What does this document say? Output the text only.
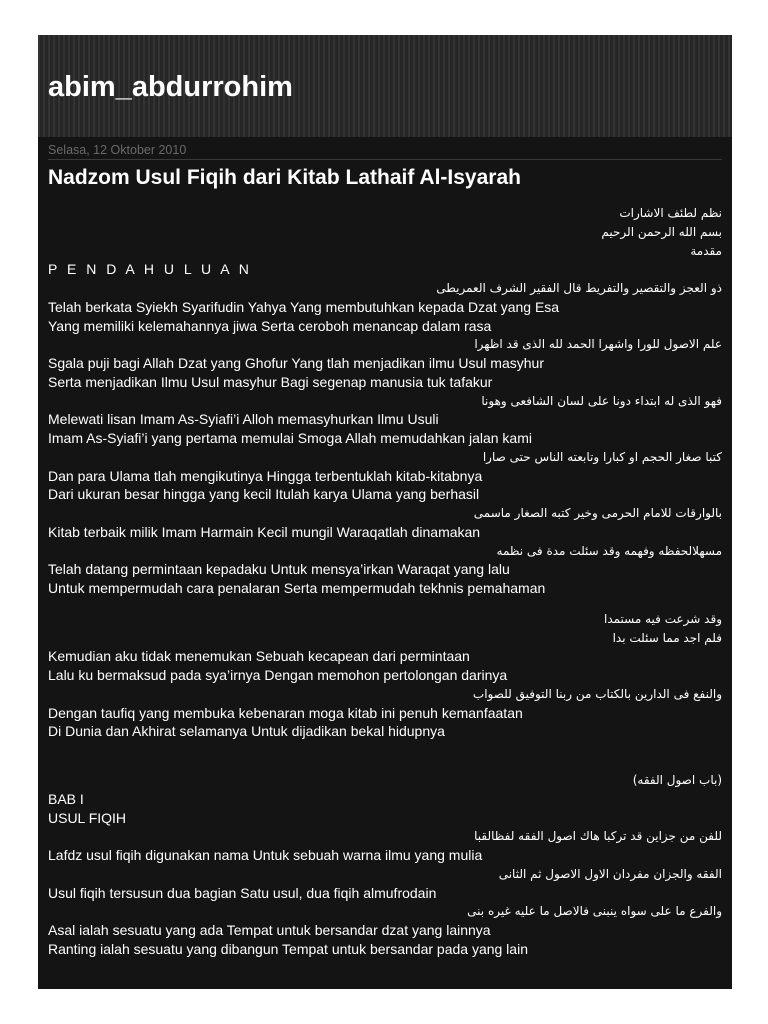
abim_abdurrohim
Selasa, 12 Oktober 2010
Nadzom Usul Fiqih dari Kitab Lathaif Al-Isyarah
نظم لطئف الاشارات
بسم الله الرحمن الرحيم
مقدمة
P E N D A H U L U A N
ذو العجز والتقصير والتفريط قال الفقير الشرف العمريطى
Telah berkata Syiekh Syarifudin Yahya Yang membutuhkan kepada Dzat yang Esa
Yang memiliki kelemahannya jiwa Serta ceroboh menancap dalam rasa
علم الاصول للورا واشهرا الحمد لله الذى قد اظهرا
Sgala puji bagi Allah Dzat yang Ghofur Yang tlah menjadikan ilmu Usul masyhur
Serta menjadikan Ilmu Usul masyhur Bagi segenap manusia tuk tafakur
فهو الذى له ابتداء دونا على لسان الشافعى وهونا
Melewati lisan Imam As-Syiafi’i Alloh memasyhurkan Ilmu Usuli
Imam As-Syiafi’i yang pertama memulai Smoga Allah memudahkan jalan kami
كتبا صغار الحجم او كبارا وتابعته الناس حتى صارا
Dan para Ulama tlah mengikutinya Hingga terbentuklah kitab-kitabnya
Dari ukuran besar hingga yang kecil Itulah karya Ulama yang berhasil
بالوارقات للامام الحرمى وخير كتبه الصغار ماسمى
Kitab terbaik milik Imam Harmain Kecil mungil Waraqatlah dinamakan
مسهلالحفظه وفهمه وقد سئلت مدة فى نظمه
Telah datang permintaan kepadaku Untuk mensya’irkan Waraqat yang lalu
Untuk mempermudah cara penalaran Serta mempermudah tekhnis pemahaman
وقد شرعت فيه مستمدا
فلم اجد مما سئلت بدا
Kemudian aku tidak menemukan Sebuah kecapean dari permintaan
Lalu ku bermaksud pada sya’irnya Dengan memohon pertolongan darinya
والنفع فى الدارين بالكتاب من ربنا التوفيق للصواب
Dengan taufiq yang membuka kebenaran moga kitab ini penuh kemanfaatan
Di Dunia dan Akhirat selamanya Untuk dijadikan bekal hidupnya
(باب اصول الفقه)
BAB I
USUL FIQIH
للفن من جزاين قد تركبا هاك اصول الفقه لفظالقبا
Lafdz usul fiqih digunakan nama Untuk sebuah warna ilmu yang mulia
الفقه والجزان مفردان الاول الاصول ثم الثانى
Usul fiqih tersusun dua bagian Satu usul, dua fiqih almufrodain
والفرع ما على سواه ينبنى فالاصل ما عليه غيره بنى
Asal ialah sesuatu yang ada Tempat untuk bersandar dzat yang lainnya
Ranting ialah sesuatu yang dibangun Tempat untuk bersandar pada yang lain
